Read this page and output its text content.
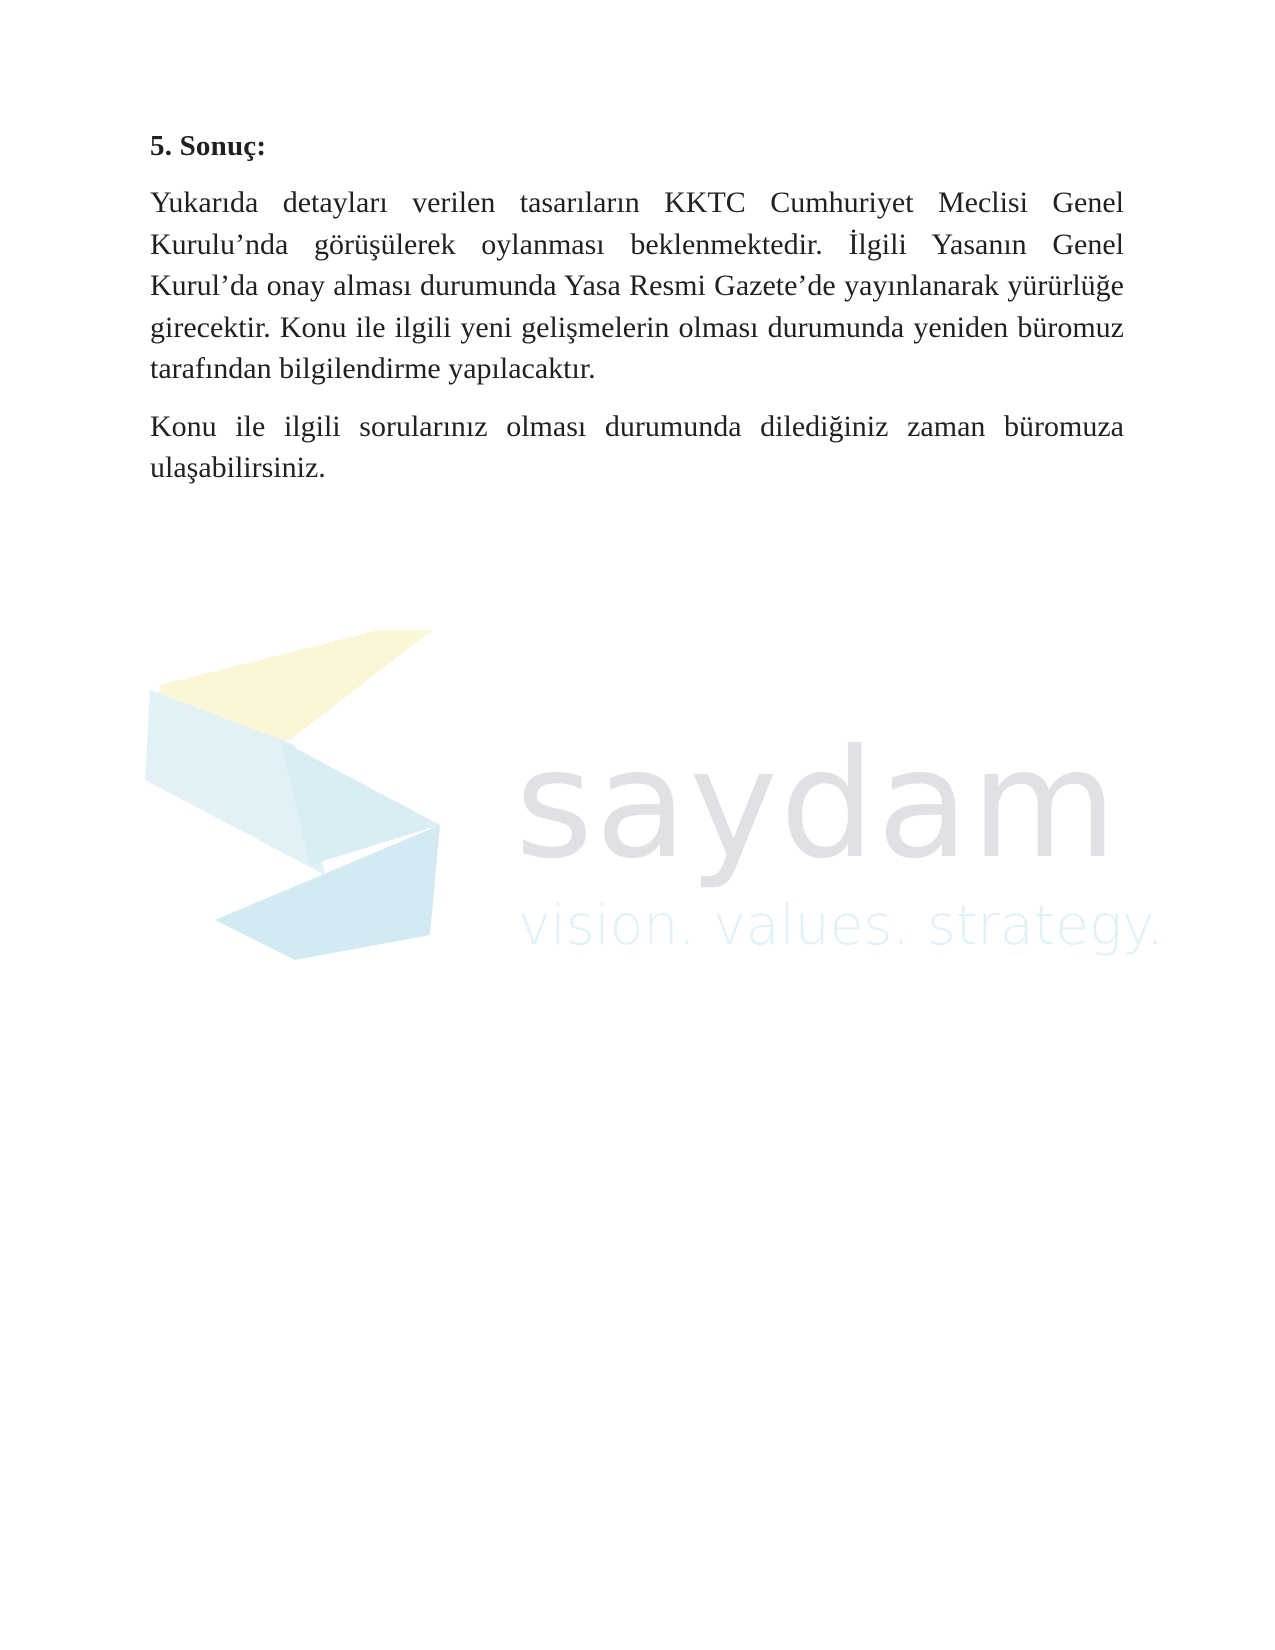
saydam
vision. values. strategy.
5. Sonuç:

Yukarıda detayları verilen tasarıların KKTC Cumhuriyet Meclisi Genel Kurulu’nda görüşülerek oylanması beklenmektedir. İlgili Yasanın Genel Kurul’da onay alması durumunda Yasa Resmi Gazete’de yayınlanarak yürürlüğe girecektir. Konu ile ilgili yeni gelişmelerin olması durumunda yeniden büromuz tarafından bilgilendirme yapılacaktır.

Konu ile ilgili sorularınız olması durumunda dilediğiniz zaman büromuza ulaşabilirsiniz.
